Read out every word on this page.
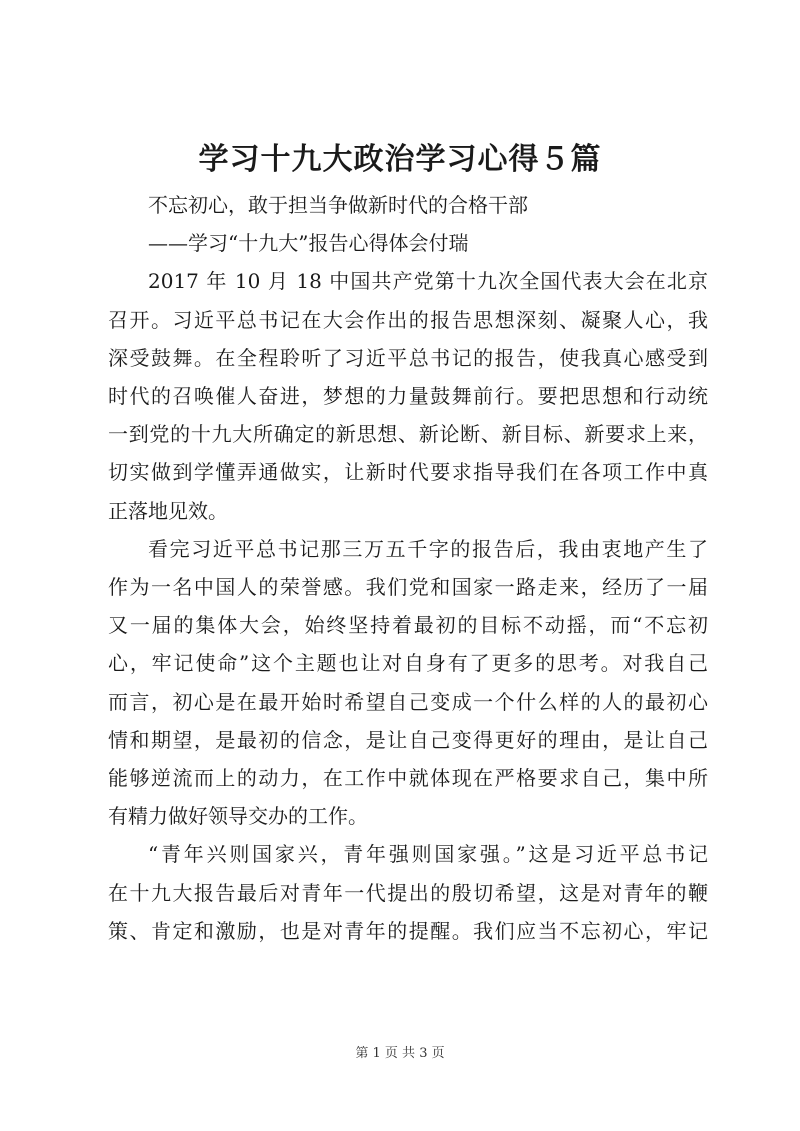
学习十九大政治学习心得５篇
不忘初心，敢于担当争做新时代的合格干部
——学习“十九大”报告心得体会付瑞
2017 年 10 月 18 中国共产党第十九次全国代表大会在北京
召开。习近平总书记在大会作出的报告思想深刻、凝聚人心，我
深受鼓舞。在全程聆听了习近平总书记的报告，使我真心感受到
时代的召唤催人奋进，梦想的力量鼓舞前行。要把思想和行动统
一到党的十九大所确定的新思想、新论断、新目标、新要求上来，
切实做到学懂弄通做实，让新时代要求指导我们在各项工作中真
正落地见效。
看完习近平总书记那三万五千字的报告后，我由衷地产生了
作为一名中国人的荣誉感。我们党和国家一路走来，经历了一届
又一届的集体大会，始终坚持着最初的目标不动摇，而“不忘初
心，牢记使命”这个主题也让对自身有了更多的思考。对我自己
而言，初心是在最开始时希望自己变成一个什么样的人的最初心
情和期望，是最初的信念，是让自己变得更好的理由，是让自己
能够逆流而上的动力，在工作中就体现在严格要求自己，集中所
有精力做好领导交办的工作。
“青年兴则国家兴，青年强则国家强。”这是习近平总书记
在十九大报告最后对青年一代提出的殷切希望，这是对青年的鞭
策、肯定和激励，也是对青年的提醒。我们应当不忘初心，牢记
第 1 页 共 3 页
